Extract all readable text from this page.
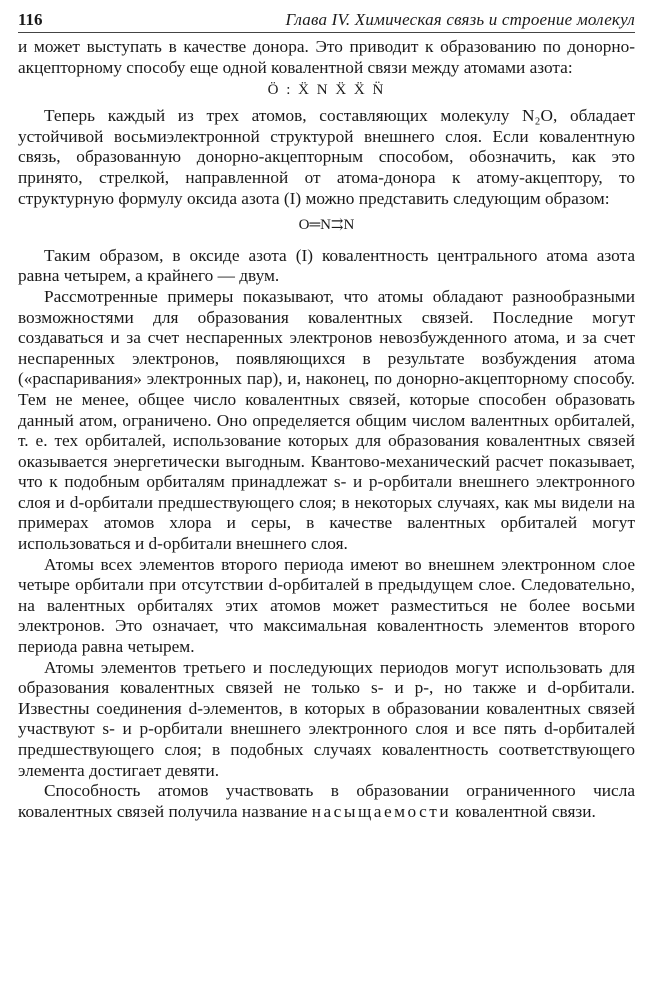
116	Глава IV. Химическая связь и строение молекул

и может выступать в качестве донора. Это приводит к образованию по донорно-акцепторному способу еще одной ковалентной связи между атомами азота:

Ö : Ẍ N Ẍ Ẍ N̈

Теперь каждый из трех атомов, составляющих молекулу N₂O, обладает устойчивой восьмиэлектронной структурой внешнего слоя. Если ковалентную связь, образованную донорно-акцепторным способом, обозначить, как это принято, стрелкой, направленной от атома-донора к атому-акцептору, то структурную формулу оксида азота (I) можно представить следующим образом:

O═N⇉N

Таким образом, в оксиде азота (I) ковалентность центрального атома азота равна четырем, а крайнего — двум.

Рассмотренные примеры показывают, что атомы обладают разнообразными возможностями для образования ковалентных связей. Последние могут создаваться и за счет неспаренных электронов невозбужденного атома, и за счет неспаренных электронов, появляющихся в результате возбуждения атома («распаривания» электронных пар), и, наконец, по донорно-акцепторному способу. Тем не менее, общее число ковалентных связей, которые способен образовать данный атом, ограничено. Оно определяется общим числом валентных орбиталей, т. е. тех орбиталей, использование которых для образования ковалентных связей оказывается энергетически выгодным. Квантово-механический расчет показывает, что к подобным орбиталям принадлежат s- и p-орбитали внешнего электронного слоя и d-орбитали предшествующего слоя; в некоторых случаях, как мы видели на примерах атомов хлора и серы, в качестве валентных орбиталей могут использоваться и d-орбитали внешнего слоя.

Атомы всех элементов второго периода имеют во внешнем электронном слое четыре орбитали при отсутствии d-орбиталей в предыдущем слое. Следовательно, на валентных орбиталях этих атомов может разместиться не более восьми электронов. Это означает, что максимальная ковалентность элементов второго периода равна четырем.

Атомы элементов третьего и последующих периодов могут использовать для образования ковалентных связей не только s- и p-, но также и d-орбитали. Известны соединения d-элементов, в которых в образовании ковалентных связей участвуют s- и p-орбитали внешнего электронного слоя и все пять d-орбиталей предшествующего слоя; в подобных случаях ковалентность соответствующего элемента достигает девяти.

Способность атомов участвовать в образовании ограниченного числа ковалентных связей получила название насыщаемости ковалентной связи.
